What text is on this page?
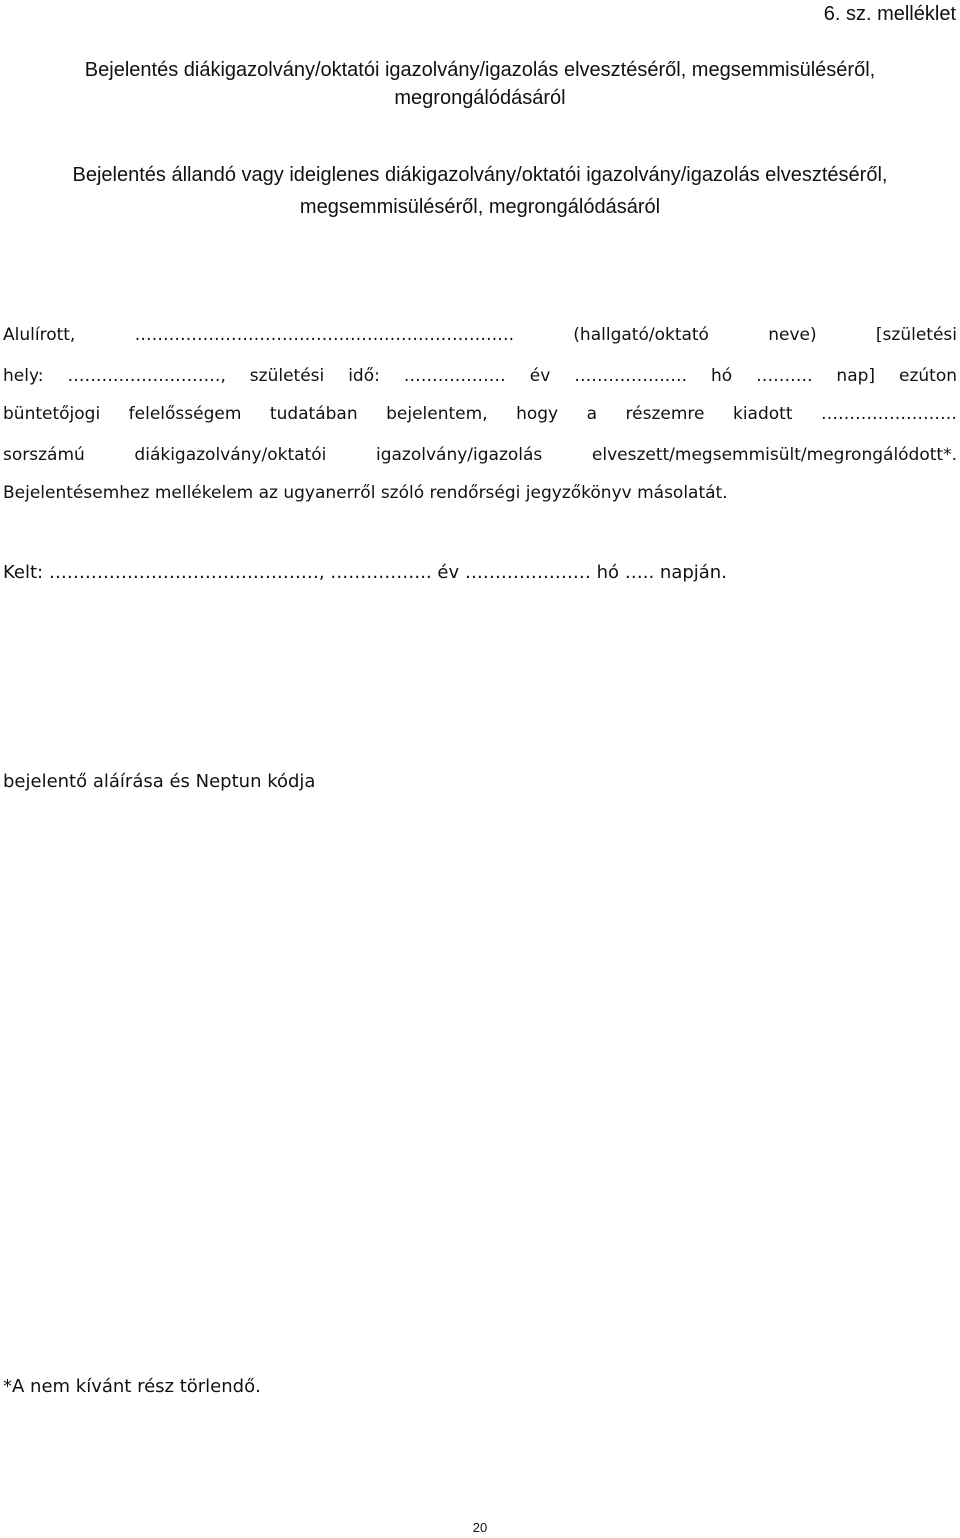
6. sz. melléklet
Bejelentés diákigazolvány/oktatói igazolvány/igazolás elvesztéséről, megsemmisüléséről,
megrongálódásáról
Bejelentés állandó vagy ideiglenes diákigazolvány/oktatói igazolvány/igazolás elvesztéséről,
megsemmisüléséről, megrongálódásáról
Alulírott, …………………………………………………………. (hallgató/oktató neve) [születési
hely: ………………………, születési idő: ……………… év …………….…. hó ………. nap] ezúton
büntetőjogi felelősségem tudatában bejelentem, hogy a részemre kiadott ……………………
sorszámú diákigazolvány/oktatói igazolvány/igazolás elveszett/megsemmisült/megrongálódott*.
Bejelentésemhez mellékelem az ugyanerről szóló rendőrségi jegyzőkönyv másolatát.
Kelt: ………………………………………, …………….. év ………………… hó ….. napján.
bejelentő aláírása és Neptun kódja
*A nem kívánt rész törlendő.
20
